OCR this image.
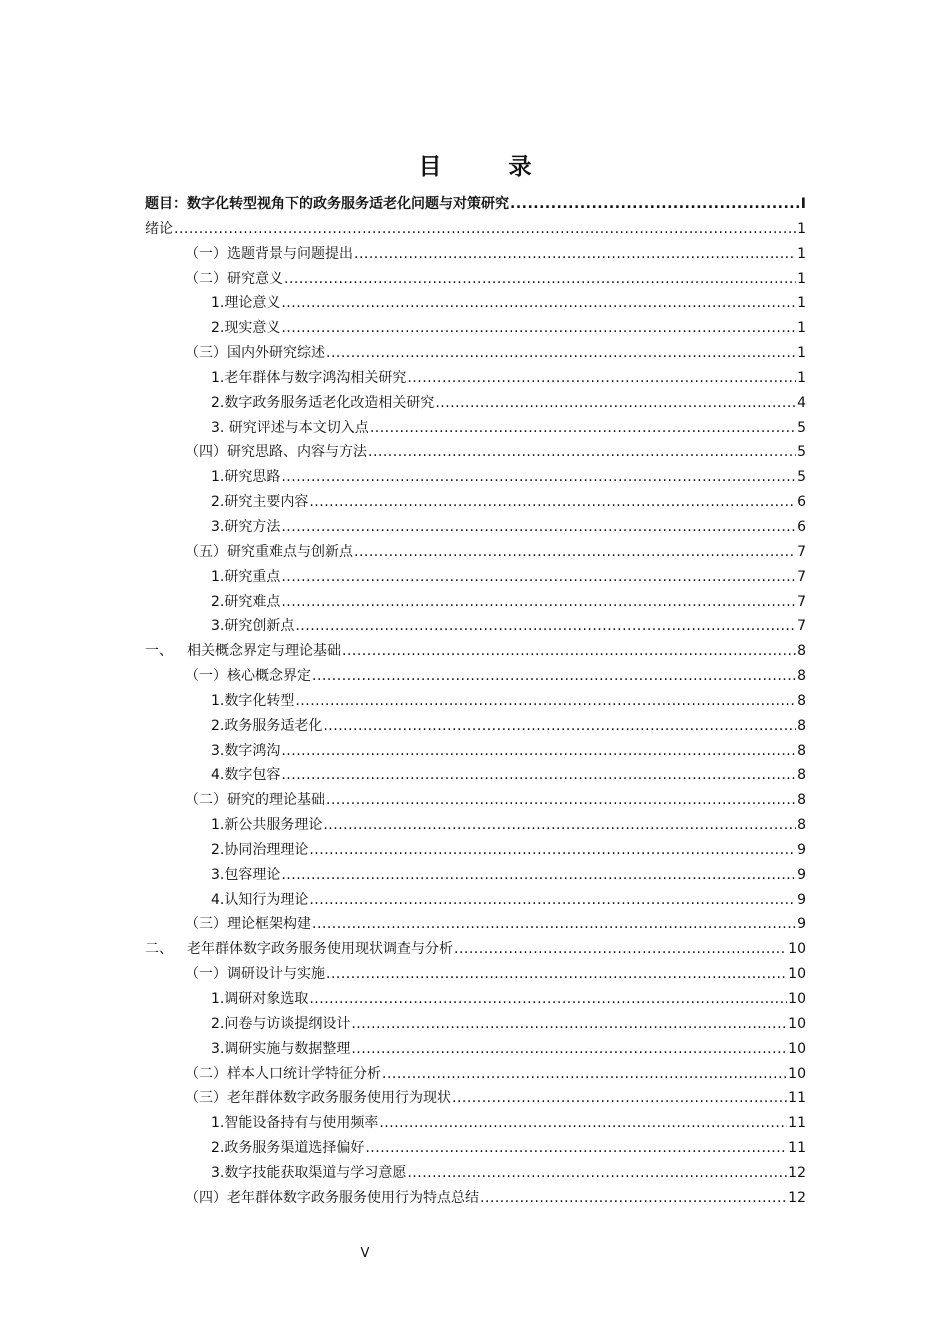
目　录
题目：数字化转型视角下的政务服务适老化问题与对策研究 .....	I
绪论 .....	1
（一）选题背景与问题提出 .....	1
（二）研究意义 .....	1
1.理论意义 .....	1
2.现实意义 .....	1
（三）国内外研究综述 .....	1
1.老年群体与数字鸿沟相关研究 .....	1
2.数字政务服务适老化改造相关研究 .....	4
3. 研究评述与本文切入点 .....	5
（四）研究思路、内容与方法 .....	5
1.研究思路 .....	5
2.研究主要内容 .....	6
3.研究方法 .....	6
（五）研究重难点与创新点 .....	7
1.研究重点 .....	7
2.研究难点 .....	7
3.研究创新点 .....	7
一、	相关概念界定与理论基础 .....	8
（一）核心概念界定 .....	8
1.数字化转型 .....	8
2.政务服务适老化 .....	8
3.数字鸿沟 .....	8
4.数字包容 .....	8
（二）研究的理论基础 .....	8
1.新公共服务理论 .....	8
2.协同治理理论 .....	9
3.包容理论 .....	9
4.认知行为理论 .....	9
（三）理论框架构建 .....	9
二、	老年群体数字政务服务使用现状调查与分析 .....	10
（一）调研设计与实施 .....	10
1.调研对象选取 .....	10
2.问卷与访谈提纲设计 .....	10
3.调研实施与数据整理 .....	10
（二）样本人口统计学特征分析 .....	10
（三）老年群体数字政务服务使用行为现状 .....	11
1.智能设备持有与使用频率 .....	11
2.政务服务渠道选择偏好 .....	11
3.数字技能获取渠道与学习意愿 .....	12
（四）老年群体数字政务服务使用行为特点总结 .....	12
V
